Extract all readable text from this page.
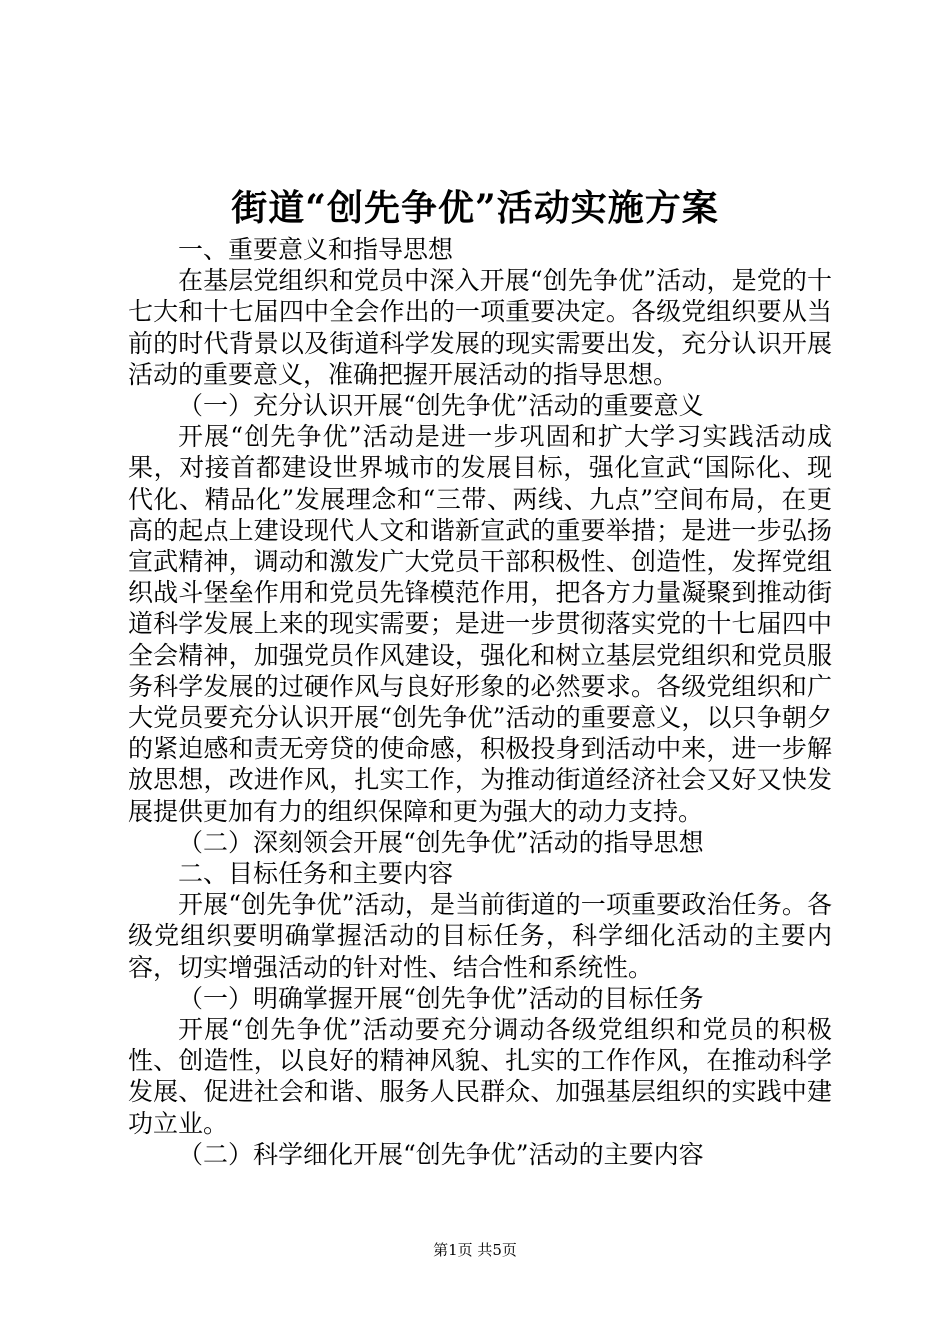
街道“创先争优”活动实施方案

一、重要意义和指导思想

在基层党组织和党员中深入开展“创先争优”活动，是党的十七大和十七届四中全会作出的一项重要决定。各级党组织要从当前的时代背景以及街道科学发展的现实需要出发，充分认识开展活动的重要意义，准确把握开展活动的指导思想。

（一）充分认识开展“创先争优”活动的重要意义

开展“创先争优”活动是进一步巩固和扩大学习实践活动成果，对接首都建设世界城市的发展目标，强化宣武“国际化、现代化、精品化”发展理念和“三带、两线、九点”空间布局，在更高的起点上建设现代人文和谐新宣武的重要举措；是进一步弘扬宣武精神，调动和激发广大党员干部积极性、创造性，发挥党组织战斗堡垒作用和党员先锋模范作用，把各方力量凝聚到推动街道科学发展上来的现实需要；是进一步贯彻落实党的十七届四中全会精神，加强党员作风建设，强化和树立基层党组织和党员服务科学发展的过硬作风与良好形象的必然要求。各级党组织和广大党员要充分认识开展“创先争优”活动的重要意义，以只争朝夕的紧迫感和责无旁贷的使命感，积极投身到活动中来，进一步解放思想，改进作风，扎实工作，为推动街道经济社会又好又快发展提供更加有力的组织保障和更为强大的动力支持。

（二）深刻领会开展“创先争优”活动的指导思想

二、目标任务和主要内容

开展“创先争优”活动，是当前街道的一项重要政治任务。各级党组织要明确掌握活动的目标任务，科学细化活动的主要内容，切实增强活动的针对性、结合性和系统性。

（一）明确掌握开展“创先争优”活动的目标任务

开展“创先争优”活动要充分调动各级党组织和党员的积极性、创造性，以良好的精神风貌、扎实的工作作风，在推动科学发展、促进社会和谐、服务人民群众、加强基层组织的实践中建功立业。

（二）科学细化开展“创先争优”活动的主要内容

第1页 共5页
